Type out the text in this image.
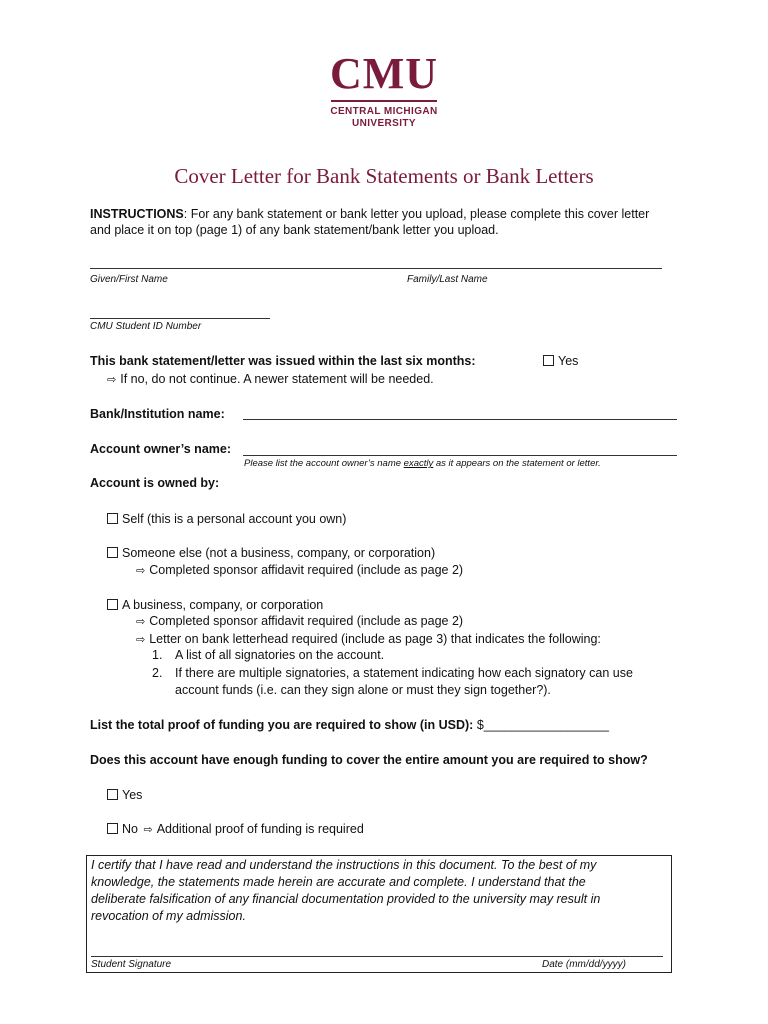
CMU
CENTRAL MICHIGAN
UNIVERSITY
Cover Letter for Bank Statements or Bank Letters
INSTRUCTIONS: For any bank statement or bank letter you upload, please complete this cover letter
and place it on top (page 1) of any bank statement/bank letter you upload.
Given/First Name	Family/Last Name
CMU Student ID Number
This bank statement/letter was issued within the last six months:	Yes
⇨ If no, do not continue. A newer statement will be needed.
Bank/Institution name:
Account owner’s name:
Please list the account owner’s name exactly as it appears on the statement or letter.
Account is owned by:
Self (this is a personal account you own)
Someone else (not a business, company, or corporation)
⇨ Completed sponsor affidavit required (include as page 2)
A business, company, or corporation
⇨ Completed sponsor affidavit required (include as page 2)
⇨ Letter on bank letterhead required (include as page 3) that indicates the following:
1. A list of all signatories on the account.
2. If there are multiple signatories, a statement indicating how each signatory can use
account funds (i.e. can they sign alone or must they sign together?).
List the total proof of funding you are required to show (in USD): $__________________
Does this account have enough funding to cover the entire amount you are required to show?
Yes
No ⇨ Additional proof of funding is required
I certify that I have read and understand the instructions in this document. To the best of my
knowledge, the statements made herein are accurate and complete. I understand that the
deliberate falsification of any financial documentation provided to the university may result in
revocation of my admission.
Student Signature	Date (mm/dd/yyyy)
